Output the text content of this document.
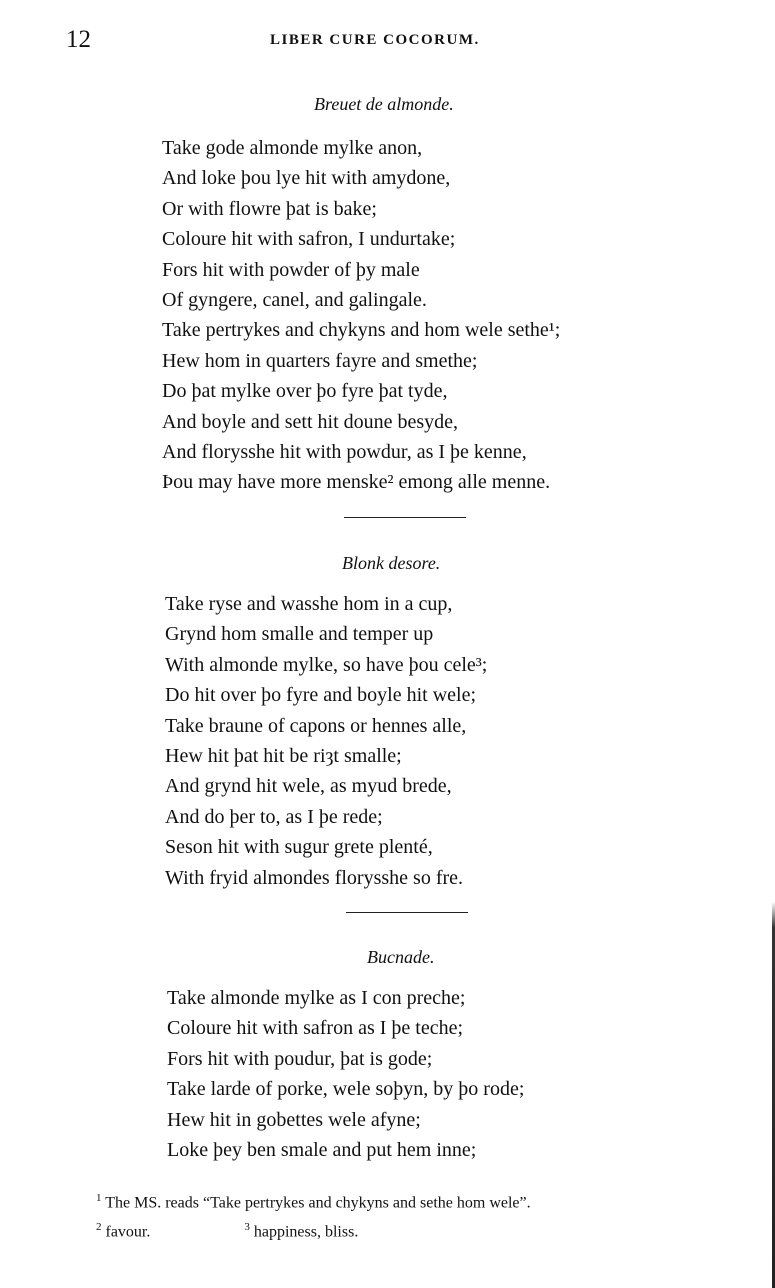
12	LIBER CURE COCORUM.
Breuet de almonde.
Take gode almonde mylke anon,
And loke þou lye hit with amydone,
Or with flowre þat is bake;
Coloure hit with safron, I undurtake;
Fors hit with powder of þy male
Of gyngere, canel, and galingale.
Take pertrykes and chykyns and hom wele sethe¹;
Hew hom in quarters fayre and smethe;
Do þat mylke over þo fyre þat tyde,
And boyle and sett hit doune besyde,
And florysshe hit with powdur, as I þe kenne,
Þou may have more menske² emong alle menne.
Blonk desore.
Take ryse and wasshe hom in a cup,
Grynd hom smalle and temper up
With almonde mylke, so have þou cele³;
Do hit over þo fyre and boyle hit wele;
Take braune of capons or hennes alle,
Hew hit þat hit be riȝt smalle;
And grynd hit wele, as myud brede,
And do þer to, as I þe rede;
Seson hit with sugur grete plenté,
With fryid almondes florysshe so fre.
Bucnade.
Take almonde mylke as I con preche;
Coloure hit with safron as I þe teche;
Fors hit with poudur, þat is gode;
Take larde of porke, wele soþyn, by þo rode;
Hew hit in gobettes wele afyne;
Loke þey ben smale and put hem inne;
$^1$ The MS. reads “Take pertrykes and chykyns and sethe hom wele”.
$^2$ favour.	$^3$ happiness, bliss.
